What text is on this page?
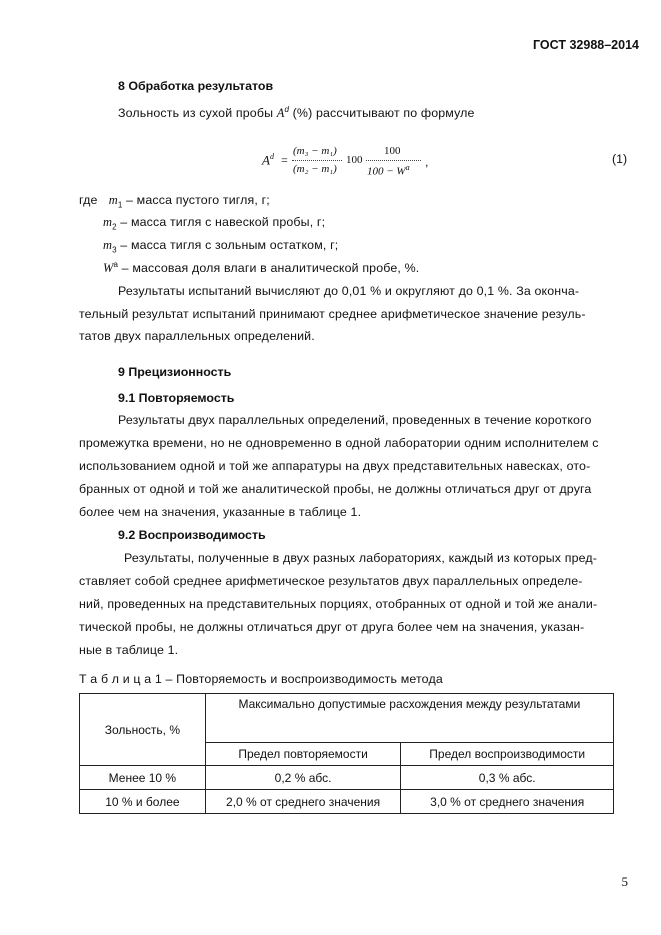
ГОСТ 32988–2014
8 Обработка результатов
Зольность из сухой пробы $A^d$ (%) рассчитывают по формуле
$A^d$ =
(m₃ − m₁)
(m₂ − m₁)
100
100
$100 - W^a$ ,	(1)
где $m_1$ – масса пустого тигля, г;
$m_2$ – масса тигля с навеской пробы, г;
$m_3$ – масса тигля с зольным остатком, г;
$W^a$ – массовая доля влаги в аналитической пробе, %.
Результаты испытаний вычисляют до 0,01 % и округляют до 0,1 %. За оконча-
тельный результат испытаний принимают среднее арифметическое значение резуль-
татов двух параллельных определений.
9 Прецизионность
9.1 Повторяемость
Результаты двух параллельных определений, проведенных в течение короткого
промежутка времени, но не одновременно в одной лаборатории одним исполнителем с
использованием одной и той же аппаратуры на двух представительных навесках, ото-
бранных от одной и той же аналитической пробы, не должны отличаться друг от друга
более чем на значения, указанные в таблице 1.
9.2 Воспроизводимость
Результаты, полученные в двух разных лабораториях, каждый из которых пред-
ставляет собой среднее арифметическое результатов двух параллельных определе-
ний, проведенных на представительных порциях, отобранных от одной и той же анали-
тической пробы, не должны отличаться друг от друга более чем на значения, указан-
ные в таблице 1.
Т а б л и ц а 1 – Повторяемость и воспроизводимость метода
Зольность, %	Максимально допустимые расхождения между результатами	
	Предел повторяемости	Предел воспроизводимости
Менее 10 %	0,2 % абс.	0,3 % абс.
10 % и более	2,0 % от среднего значения	3,0 % от среднего значения
5
